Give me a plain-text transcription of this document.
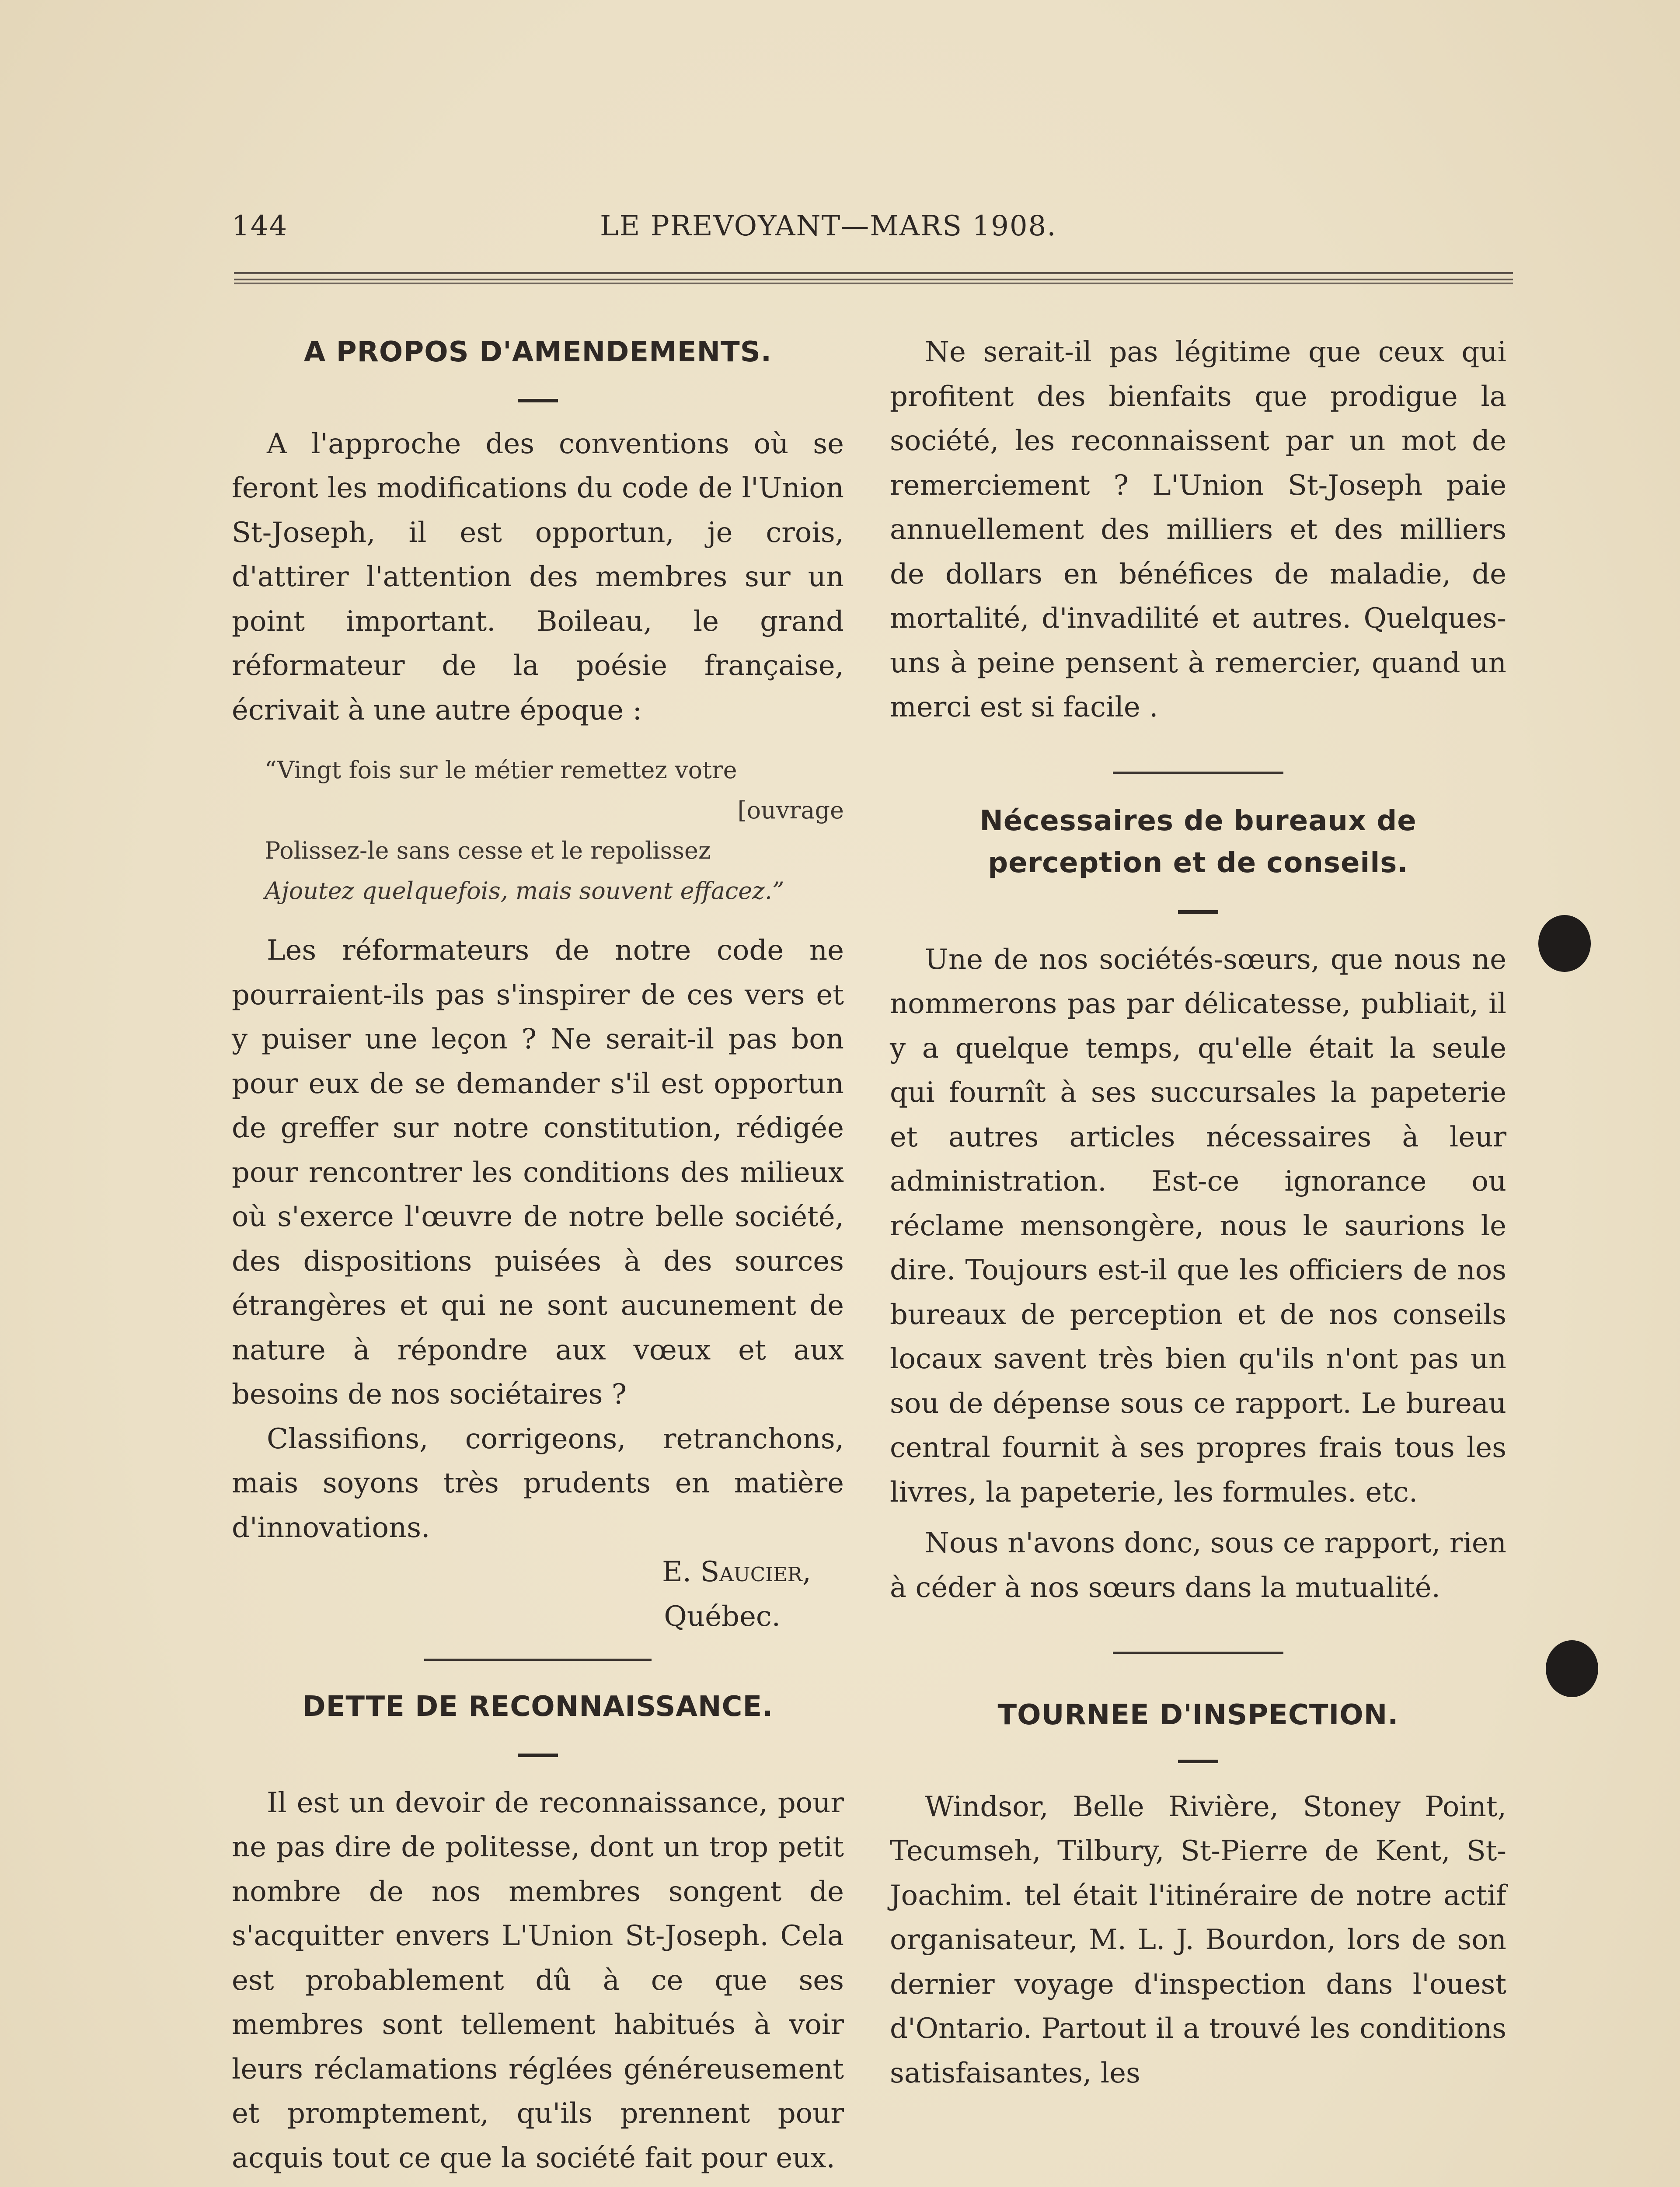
144	LE PREVOYANT—MARS 1908.
A PROPOS D'AMENDEMENTS.

A l'approche des conventions où se feront les modifications du code de l'Union St-Joseph, il est opportun, je crois, d'attirer l'attention des membres sur un point important. Boileau, le grand réformateur de la poésie française, écrivait à une autre époque :

“Vingt fois sur le métier remettez votre
[ouvrage
Polissez-le sans cesse et le repolissez
Ajoutez quelquefois, mais souvent effacez.”

Les réformateurs de notre code ne pourraient-ils pas s'inspirer de ces vers et y puiser une leçon ? Ne serait-il pas bon pour eux de se demander s'il est opportun de greffer sur notre constitution, rédigée pour rencontrer les conditions des milieux où s'exerce l'œuvre de notre belle société, des dispositions puisées à des sources étrangères et qui ne sont aucunement de nature à répondre aux vœux et aux besoins de nos sociétaires ?

Classifions, corrigeons, retranchons, mais soyons très prudents en matière d'innovations.

E. Saucier,
Québec.
DETTE DE RECONNAISSANCE.

Il est un devoir de reconnaissance, pour ne pas dire de politesse, dont un trop petit nombre de nos membres songent de s'acquitter envers L'Union St-Joseph. Cela est probablement dû à ce que ses membres sont tellement habitués à voir leurs réclamations réglées généreusement et promptement, qu'ils prennent pour acquis tout ce que la société fait pour eux.

Ne serait-il pas légitime que ceux qui profitent des bienfaits que prodigue la société, les reconnaissent par un mot de remerciement ? L'Union St-Joseph paie annuellement des milliers et des milliers de dollars en bénéfices de maladie, de mortalité, d'invadilité et autres. Quelques-uns à peine pensent à remercier, quand un merci est si facile .

Nécessaires de bureaux de perception et de conseils.

Une de nos sociétés-sœurs, que nous ne nommerons pas par délicatesse, publiait, il y a quelque temps, qu'elle était la seule qui fournît à ses succursales la papeterie et autres articles nécessaires à leur administration. Est-ce ignorance ou réclame mensongère, nous le saurions le dire. Toujours est-il que les officiers de nos bureaux de perception et de nos conseils locaux savent très bien qu'ils n'ont pas un sou de dépense sous ce rapport. Le bureau central fournit à ses propres frais tous les livres, la papeterie, les formules. etc.

Nous n'avons donc, sous ce rapport, rien à céder à nos sœurs dans la mutualité.

TOURNEE D'INSPECTION.

Windsor, Belle Rivière, Stoney Point, Tecumseh, Tilbury, St-Pierre de Kent, St-Joachim. tel était l'itinéraire de notre actif organisateur, M. L. J. Bourdon, lors de son dernier voyage d'inspection dans l'ouest d'Ontario. Partout il a trouvé les conditions satisfaisantes, les
